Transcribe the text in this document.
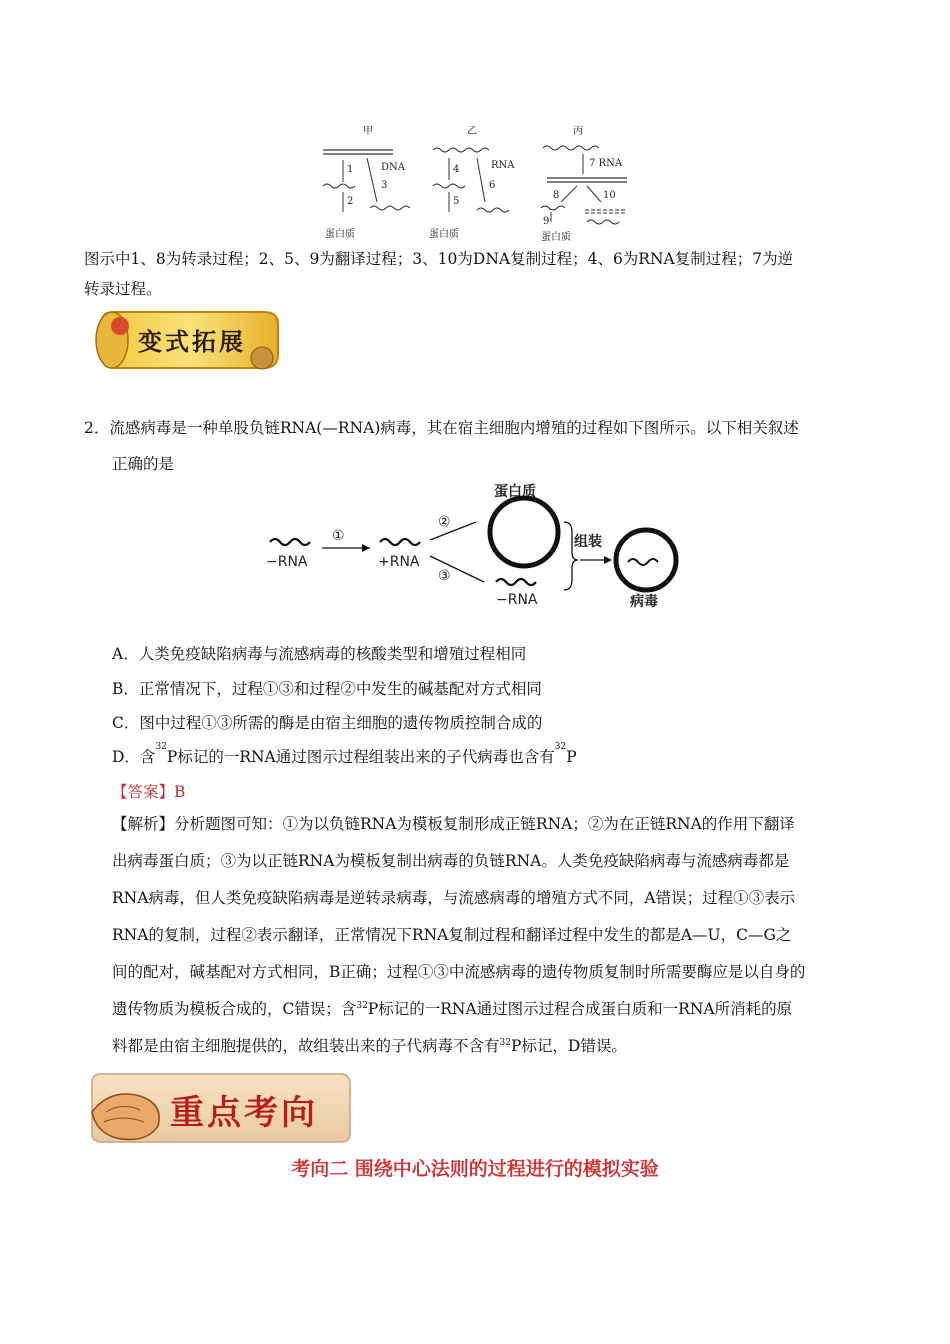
甲
1	DNA
3
2
蛋白质
乙
4	RNA
6
5
蛋白质
丙
7 RNA
8	10
9
蛋白质
图示中1、8为转录过程；2、5、9为翻译过程；3、10为DNA复制过程；4、6为RNA复制过程；7为逆
转录过程。
变式拓展
2．流感病毒是一种单股负链RNA(—RNA)病毒，其在宿主细胞内增殖的过程如下图所示。以下相关叙述
正确的是
−RNA
①
+RNA
②
③
蛋白质
−RNA
组装
病毒
A．人类免疫缺陷病毒与流感病毒的核酸类型和增殖过程相同
B．正常情况下，过程①③和过程②中发生的碱基配对方式相同
C．图中过程①③所需的酶是由宿主细胞的遗传物质控制合成的
D．含$^{32}$P标记的一RNA通过图示过程组装出来的子代病毒也含有$^{32}$P
【答案】B
【解析】分析题图可知：①为以负链RNA为模板复制形成正链RNA；②为在正链RNA的作用下翻译
出病毒蛋白质；③为以正链RNA为模板复制出病毒的负链RNA。人类免疫缺陷病毒与流感病毒都是
RNA病毒，但人类免疫缺陷病毒是逆转录病毒，与流感病毒的增殖方式不同，A错误；过程①③表示
RNA的复制，过程②表示翻译，正常情况下RNA复制过程和翻译过程中发生的都是A—U，C—G之
间的配对，碱基配对方式相同，B正确；过程①③中流感病毒的遗传物质复制时所需要酶应是以自身的
遗传物质为模板合成的，C错误；含$^{32}$P标记的一RNA通过图示过程合成蛋白质和一RNA所消耗的原
料都是由宿主细胞提供的，故组装出来的子代病毒不含有$^{32}$P标记，D错误。
重点考向
考向二 围绕中心法则的过程进行的模拟实验
